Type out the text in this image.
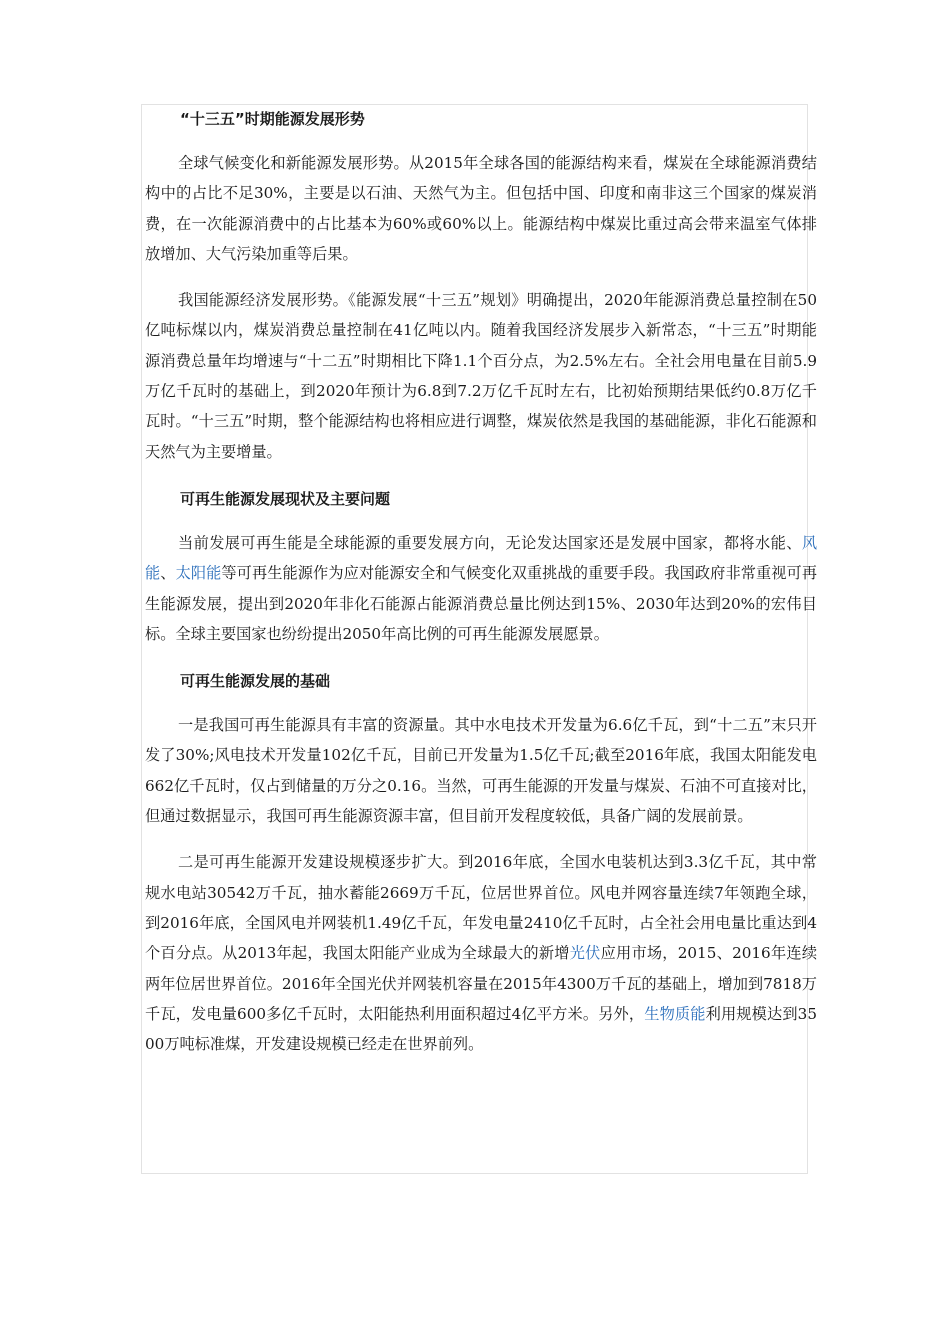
“十三五”时期能源发展形势

全球气候变化和新能源发展形势。从2015年全球各国的能源结构来看，煤炭在全球能源消费结构中的占比不足30%，主要是以石油、天然气为主。但包括中国、印度和南非这三个国家的煤炭消费，在一次能源消费中的占比基本为60%或60%以上。能源结构中煤炭比重过高会带来温室气体排放增加、大气污染加重等后果。

我国能源经济发展形势。《能源发展“十三五”规划》明确提出，2020年能源消费总量控制在50亿吨标煤以内，煤炭消费总量控制在41亿吨以内。随着我国经济发展步入新常态，“十三五”时期能源消费总量年均增速与“十二五”时期相比下降1.1个百分点，为2.5%左右。全社会用电量在目前5.9万亿千瓦时的基础上，到2020年预计为6.8到7.2万亿千瓦时左右，比初始预期结果低约0.8万亿千瓦时。“十三五”时期，整个能源结构也将相应进行调整，煤炭依然是我国的基础能源，非化石能源和天然气为主要增量。

可再生能源发展现状及主要问题

当前发展可再生能是全球能源的重要发展方向，无论发达国家还是发展中国家，都将水能、风能、太阳能等可再生能源作为应对能源安全和气候变化双重挑战的重要手段。我国政府非常重视可再生能源发展，提出到2020年非化石能源占能源消费总量比例达到15%、2030年达到20%的宏伟目标。全球主要国家也纷纷提出2050年高比例的可再生能源发展愿景。

可再生能源发展的基础

一是我国可再生能源具有丰富的资源量。其中水电技术开发量为6.6亿千瓦，到“十二五”末只开发了30%;风电技术开发量102亿千瓦，目前已开发量为1.5亿千瓦;截至2016年底，我国太阳能发电662亿千瓦时，仅占到储量的万分之0.16。当然，可再生能源的开发量与煤炭、石油不可直接对比，但通过数据显示，我国可再生能源资源丰富，但目前开发程度较低，具备广阔的发展前景。

二是可再生能源开发建设规模逐步扩大。到2016年底，全国水电装机达到3.3亿千瓦，其中常规水电站30542万千瓦，抽水蓄能2669万千瓦，位居世界首位。风电并网容量连续7年领跑全球，到2016年底，全国风电并网装机1.49亿千瓦，年发电量2410亿千瓦时，占全社会用电量比重达到4个百分点。从2013年起，我国太阳能产业成为全球最大的新增光伏应用市场，2015、2016年连续两年位居世界首位。2016年全国光伏并网装机容量在2015年4300万千瓦的基础上，增加到7818万千瓦，发电量600多亿千瓦时，太阳能热利用面积超过4亿平方米。另外，生物质能利用规模达到3500万吨标准煤，开发建设规模已经走在世界前列。
